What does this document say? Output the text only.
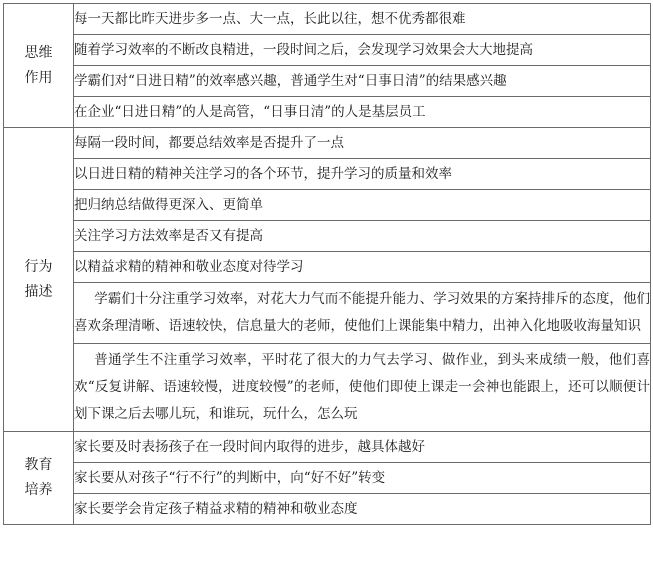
思维
作用	每一天都比昨天进步多一点、大一点，长此以往，想不优秀都很难
	随着学习效率的不断改良精进，一段时间之后，会发现学习效果会大大地提高
	学霸们对“日进日精”的效率感兴趣，普通学生对“日事日清”的结果感兴趣
	在企业“日进日精”的人是高管，“日事日清”的人是基层员工

行为
描述	每隔一段时间，都要总结效率是否提升了一点
	以日进日精的精神关注学习的各个环节，提升学习的质量和效率
	把归纳总结做得更深入、更简单
	关注学习方法效率是否又有提高
	以精益求精的精神和敬业态度对待学习
	学霸们十分注重学习效率，对花大力气而不能提升能力、学习效果的方案持排斥的态度，他们喜欢条理清晰、语速较快，信息量大的老师，使他们上课能集中精力，出神入化地吸收海量知识
	普通学生不注重学习效率，平时花了很大的力气去学习、做作业，到头来成绩一般，他们喜欢“反复讲解、语速较慢，进度较慢”的老师，使他们即使上课走一会神也能跟上，还可以顺便计划下课之后去哪儿玩，和谁玩，玩什么，怎么玩

教育
培养	家长要及时表扬孩子在一段时间内取得的进步，越具体越好
	家长要从对孩子“行不行”的判断中，向“好不好”转变
	家长要学会肯定孩子精益求精的精神和敬业态度
